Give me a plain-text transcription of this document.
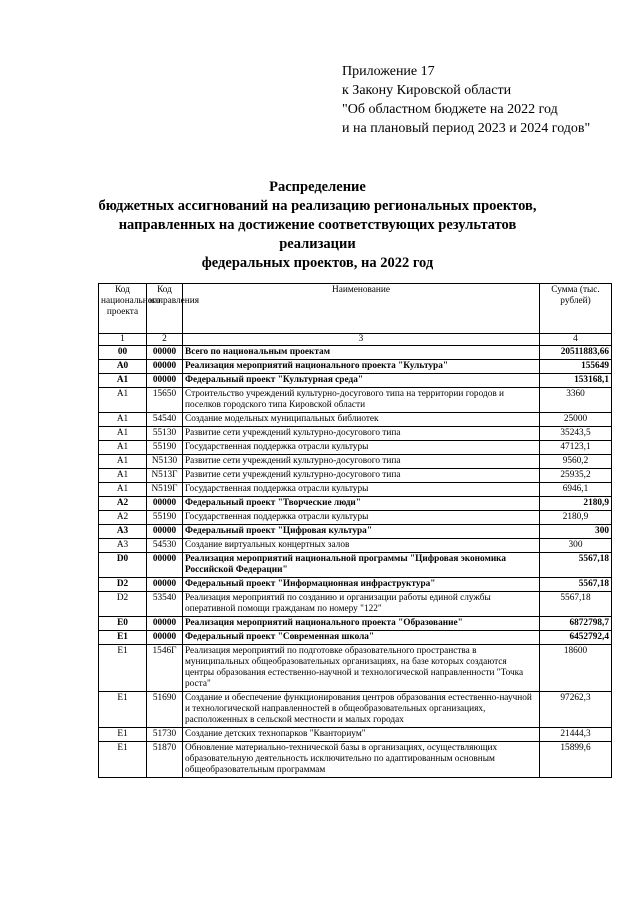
Приложение 17
к Закону Кировской области
"Об областном бюджете на 2022 год
и на плановый период 2023 и 2024 годов"
Распределение
бюджетных ассигнований на реализацию региональных проектов,
направленных на достижение соответствующих результатов реализации
федеральных проектов, на 2022 год
Код национального проекта	Код направления	Наименование	Сумма (тыс. рублей)
1	2	3	4
00	00000	Всего по национальным проектам	20511883,66
А0	00000	Реализация мероприятий национального проекта "Культура"	155649
А1	00000	Федеральный проект "Культурная среда"	153168,1
А1	15650	Строительство учреждений культурно-досугового типа на территории городов и поселков городского типа Кировской области	3360
А1	54540	Создание модельных муниципальных библиотек	25000
А1	55130	Развитие сети учреждений культурно-досугового типа	35243,5
А1	55190	Государственная поддержка отрасли культуры	47123,1
А1	N5130	Развитие сети учреждений культурно-досугового типа	9560,2
А1	N513Г	Развитие сети учреждений культурно-досугового типа	25935,2
А1	N519Г	Государственная поддержка отрасли культуры	6946,1
А2	00000	Федеральный проект "Творческие люди"	2180,9
А2	55190	Государственная поддержка отрасли культуры	2180,9
А3	00000	Федеральный проект "Цифровая культура"	300
А3	54530	Создание виртуальных концертных залов	300
D0	00000	Реализация мероприятий национальной программы "Цифровая экономика Российской Федерации"	5567,18
D2	00000	Федеральный проект "Информационная инфраструктура"	5567,18
D2	53540	Реализация мероприятий по созданию и организации работы единой службы оперативной помощи гражданам по номеру "122"	5567,18
Е0	00000	Реализация мероприятий национального проекта "Образование"	6872798,7
Е1	00000	Федеральный проект "Современная школа"	6452792,4
Е1	1546Г	Реализация мероприятий по подготовке образовательного пространства в муниципальных общеобразовательных организациях, на базе которых создаются центры образования естественно-научной и технологической направленности "Точка роста"	18600
Е1	51690	Создание и обеспечение функционирования центров образования естественно-научной и технологической направленностей в общеобразовательных организациях, расположенных в сельской местности и малых городах	97262,3
Е1	51730	Создание детских технопарков "Кванториум"	21444,3
Е1	51870	Обновление материально-технической базы в организациях, осуществляющих образовательную деятельность исключительно по адаптированным основным общеобразовательным программам	15899,6
